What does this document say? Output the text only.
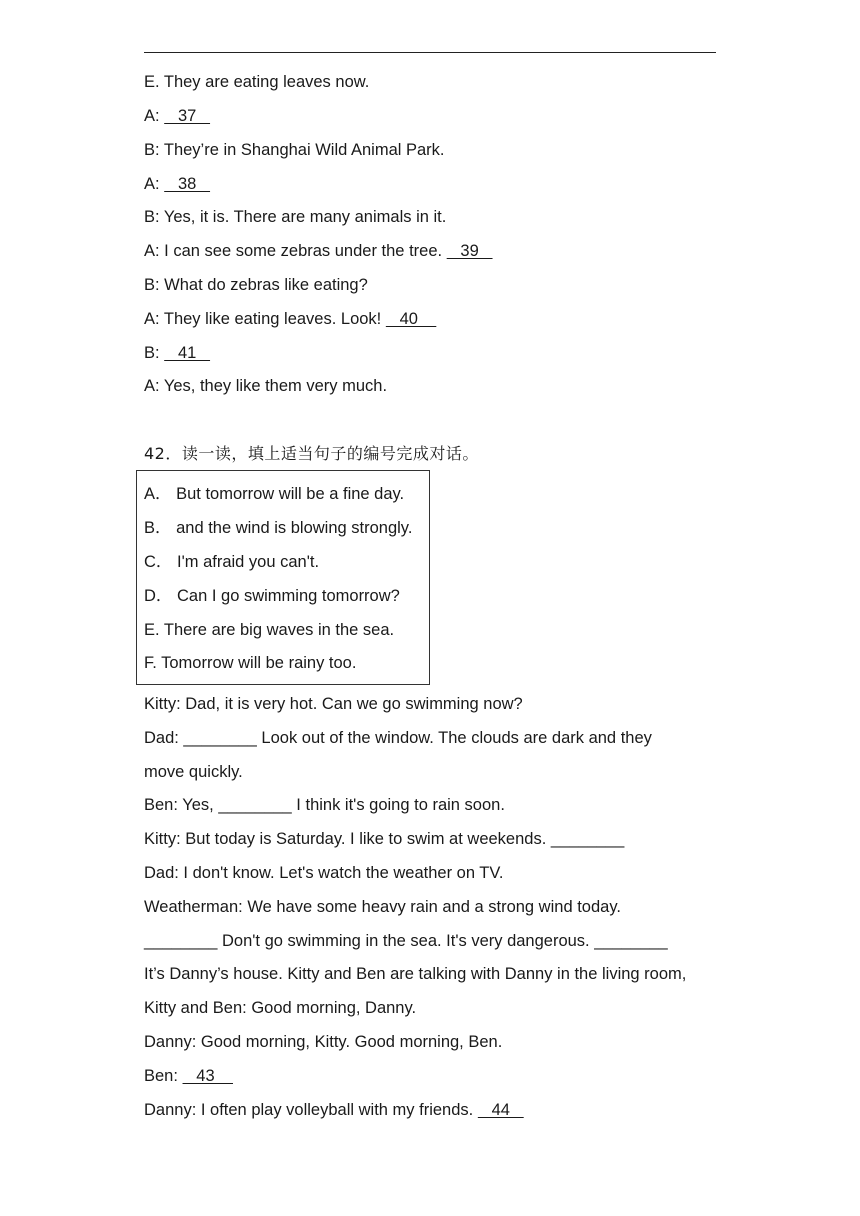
E. They are eating leaves now.
A:    37
B: They’re in Shanghai Wild Animal Park.
A:    38
B: Yes, it is. There are many animals in it.
A: I can see some zebras under the tree.    39
B: What do zebras like eating?
A: They like eating leaves. Look!    40
B:    41
A: Yes, they like them very much.
42．读一读，填上适当句子的编号完成对话。
A． But tomorrow will be a fine day.
B． and the wind is blowing strongly.
C． I'm afraid you can't.
D． Can I go swimming tomorrow?
E. There are big waves in the sea.
F. Tomorrow will be rainy too.
Kitty: Dad, it is very hot. Can we go swimming now?
Dad: ________ Look out of the window. The clouds are dark and they
move quickly.
Ben: Yes, ________ I think it's going to rain soon.
Kitty: But today is Saturday. I like to swim at weekends. ________
Dad: I don't know. Let's watch the weather on TV.
Weatherman: We have some heavy rain and a strong wind today.
________ Don't go swimming in the sea. It's very dangerous. ________
It’s Danny’s house. Kitty and Ben are talking with Danny in the living room,
Kitty and Ben: Good morning, Danny.
Danny: Good morning, Kitty. Good morning, Ben.
Ben:    43
Danny: I often play volleyball with my friends.    44
